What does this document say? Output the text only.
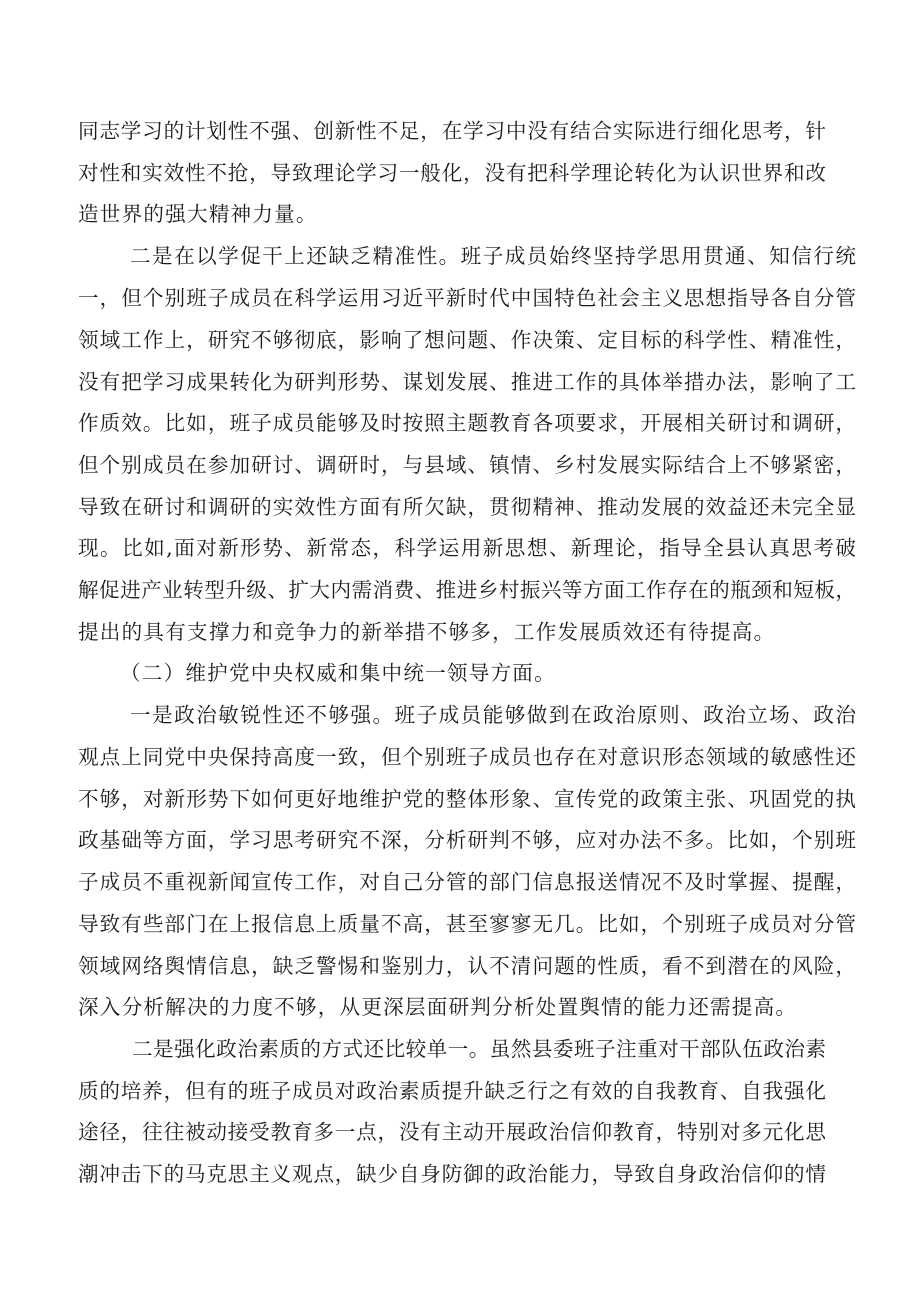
同志学习的计划性不强、创新性不足，在学习中没有结合实际进行细化思考，针
对性和实效性不抢，导致理论学习一般化，没有把科学理论转化为认识世界和改
造世界的强大精神力量。
二是在以学促干上还缺乏精准性。班子成员始终坚持学思用贯通、知信行统
一，但个别班子成员在科学运用习近平新时代中国特色社会主义思想指导各自分管
领域工作上，研究不够彻底，影响了想问题、作决策、定目标的科学性、精准性，
没有把学习成果转化为研判形势、谋划发展、推进工作的具体举措办法，影响了工
作质效。比如，班子成员能够及时按照主题教育各项要求，开展相关研讨和调研，
但个别成员在参加研讨、调研时，与县域、镇情、乡村发展实际结合上不够紧密，
导致在研讨和调研的实效性方面有所欠缺，贯彻精神、推动发展的效益还未完全显
现。比如,面对新形势、新常态，科学运用新思想、新理论，指导全县认真思考破
解促进产业转型升级、扩大内需消费、推进乡村振兴等方面工作存在的瓶颈和短板，
提出的具有支撑力和竞争力的新举措不够多，工作发展质效还有待提高。
（二）维护党中央权威和集中统一领导方面。
一是政治敏锐性还不够强。班子成员能够做到在政治原则、政治立场、政治
观点上同党中央保持高度一致，但个别班子成员也存在对意识形态领域的敏感性还
不够，对新形势下如何更好地维护党的整体形象、宣传党的政策主张、巩固党的执
政基础等方面，学习思考研究不深，分析研判不够，应对办法不多。比如，个别班
子成员不重视新闻宣传工作，对自己分管的部门信息报送情况不及时掌握、提醒，
导致有些部门在上报信息上质量不高，甚至寥寥无几。比如，个别班子成员对分管
领域网络舆情信息，缺乏警惕和鉴别力，认不清问题的性质，看不到潜在的风险，
深入分析解决的力度不够，从更深层面研判分析处置舆情的能力还需提高。
二是强化政治素质的方式还比较单一。虽然县委班子注重对干部队伍政治素
质的培养，但有的班子成员对政治素质提升缺乏行之有效的自我教育、自我强化
途径，往往被动接受教育多一点，没有主动开展政治信仰教育，特别对多元化思
潮冲击下的马克思主义观点，缺少自身防御的政治能力，导致自身政治信仰的情
